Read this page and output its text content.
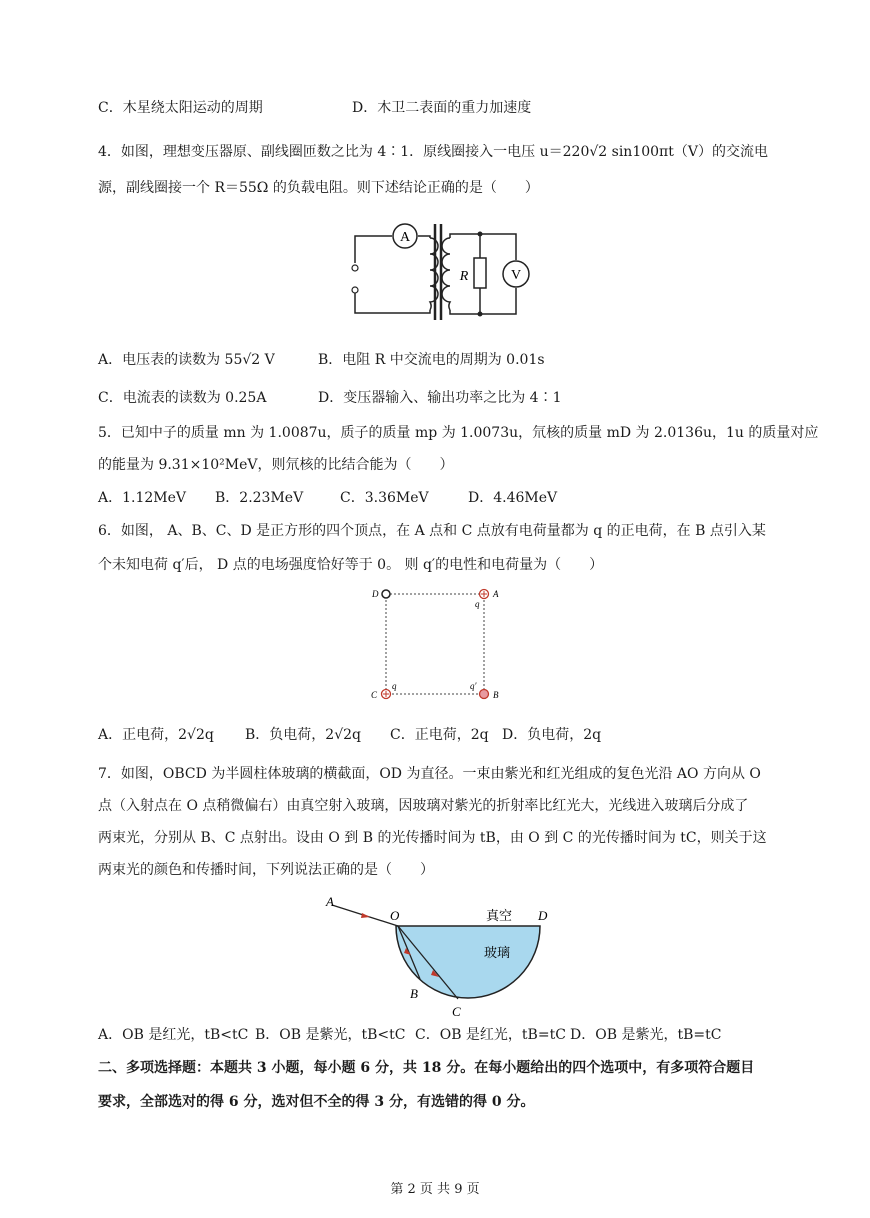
C．木星绕太阳运动的周期	D．木卫二表面的重力加速度
4．如图，理想变压器原、副线圈匝数之比为 4∶1．原线圈接入一电压 u＝220√2 sin100πt（V）的交流电
源，副线圈接一个 R＝55Ω 的负载电阻。则下述结论正确的是（　　）
A
R	V
A．电压表的读数为 55√2 V	B．电阻 R 中交流电的周期为 0.01s
C．电流表的读数为 0.25A	D．变压器输入、输出功率之比为 4∶1
5．已知中子的质量 mn 为 1.0087u，质子的质量 mp 为 1.0073u，氘核的质量 mD 为 2.0136u，1u 的质量对应
的能量为 9.31×10²MeV，则氘核的比结合能为（　　）
A．1.12MeV B．2.23MeV	C．3.36MeV	D．4.46MeV
6．如图， A、B、C、D 是正方形的四个顶点，在 A 点和 C 点放有电荷量都为 q 的正电荷，在 B 点引入某
个未知电荷 q′后， D 点的电场强度恰好等于 0。 则 q′的电性和电荷量为（　　）
D	A
q
C
q
B
q′
A．正电荷，2√2q B．负电荷，2√2q C．正电荷，2q D．负电荷，2q
7．如图，OBCD 为半圆柱体玻璃的横截面，OD 为直径。一束由紫光和红光组成的复色光沿 AO 方向从 O
点（入射点在 O 点稍微偏右）由真空射入玻璃，因玻璃对紫光的折射率比红光大，光线进入玻璃后分成了
两束光，分别从 B、C 点射出。设由 O 到 B 的光传播时间为 tB，由 O 到 C 的光传播时间为 tC，则关于这
两束光的颜色和传播时间，下列说法正确的是（　　）
A
O	D
B
C
真空
玻璃
A．OB 是红光，tB<tC B．OB 是紫光，tB<tC C．OB 是红光，tB=tC D．OB 是紫光，tB=tC
二、多项选择题：本题共 3 小题，每小题 6 分，共 18 分。在每小题给出的四个选项中，有多项符合题目
要求，全部选对的得 6 分，选对但不全的得 3 分，有选错的得 0 分。
第 2 页 共 9 页
